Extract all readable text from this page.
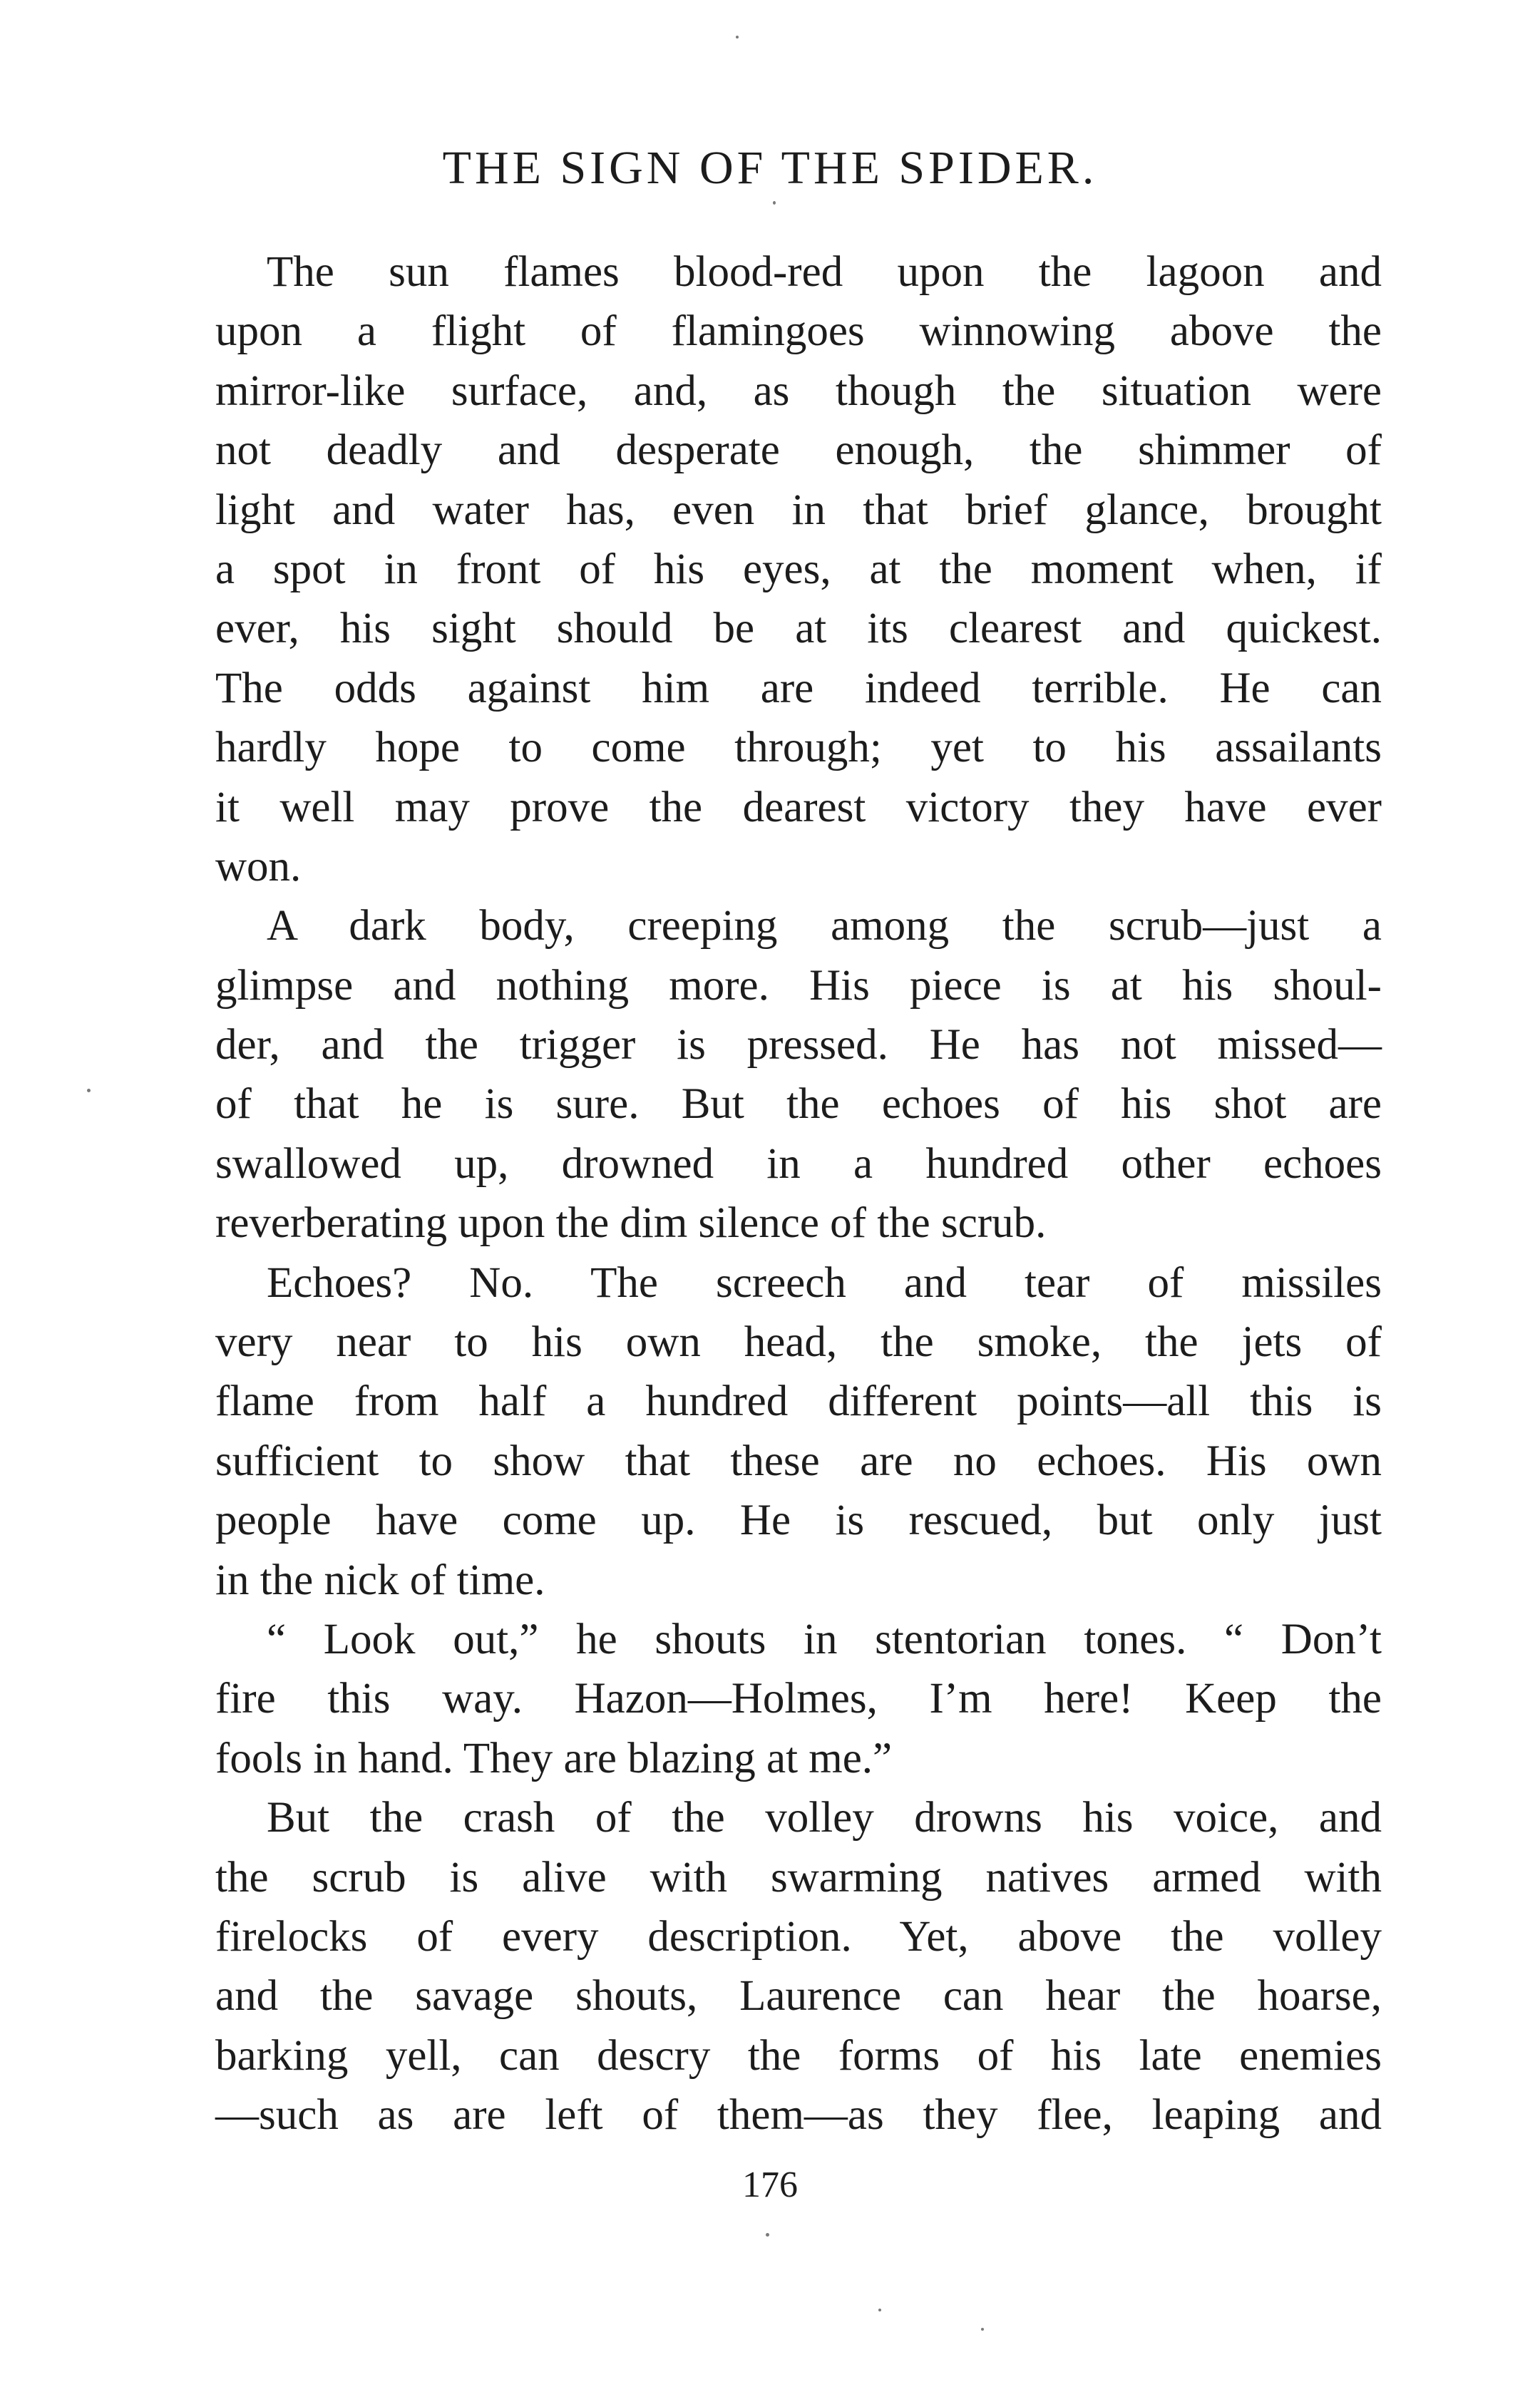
THE SIGN OF THE SPIDER.
The sun flames blood-red upon the lagoon and
upon a flight of flamingoes winnowing above the
mirror-like surface, and, as though the situation were
not deadly and desperate enough, the shimmer of
light and water has, even in that brief glance, brought
a spot in front of his eyes, at the moment when, if
ever, his sight should be at its clearest and quickest.
The odds against him are indeed terrible. He can
hardly hope to come through; yet to his assailants
it well may prove the dearest victory they have ever
won.
A dark body, creeping among the scrub—just a
glimpse and nothing more. His piece is at his shoul-
der, and the trigger is pressed. He has not missed—
of that he is sure. But the echoes of his shot are
swallowed up, drowned in a hundred other echoes
reverberating upon the dim silence of the scrub.
Echoes? No. The screech and tear of missiles
very near to his own head, the smoke, the jets of
flame from half a hundred different points—all this is
sufficient to show that these are no echoes. His own
people have come up. He is rescued, but only just
in the nick of time.
“ Look out,” he shouts in stentorian tones. “ Don’t
fire this way. Hazon—Holmes, I’m here! Keep the
fools in hand. They are blazing at me.”
But the crash of the volley drowns his voice, and
the scrub is alive with swarming natives armed with
firelocks of every description. Yet, above the volley
and the savage shouts, Laurence can hear the hoarse,
barking yell, can descry the forms of his late enemies
—such as are left of them—as they flee, leaping and
176
